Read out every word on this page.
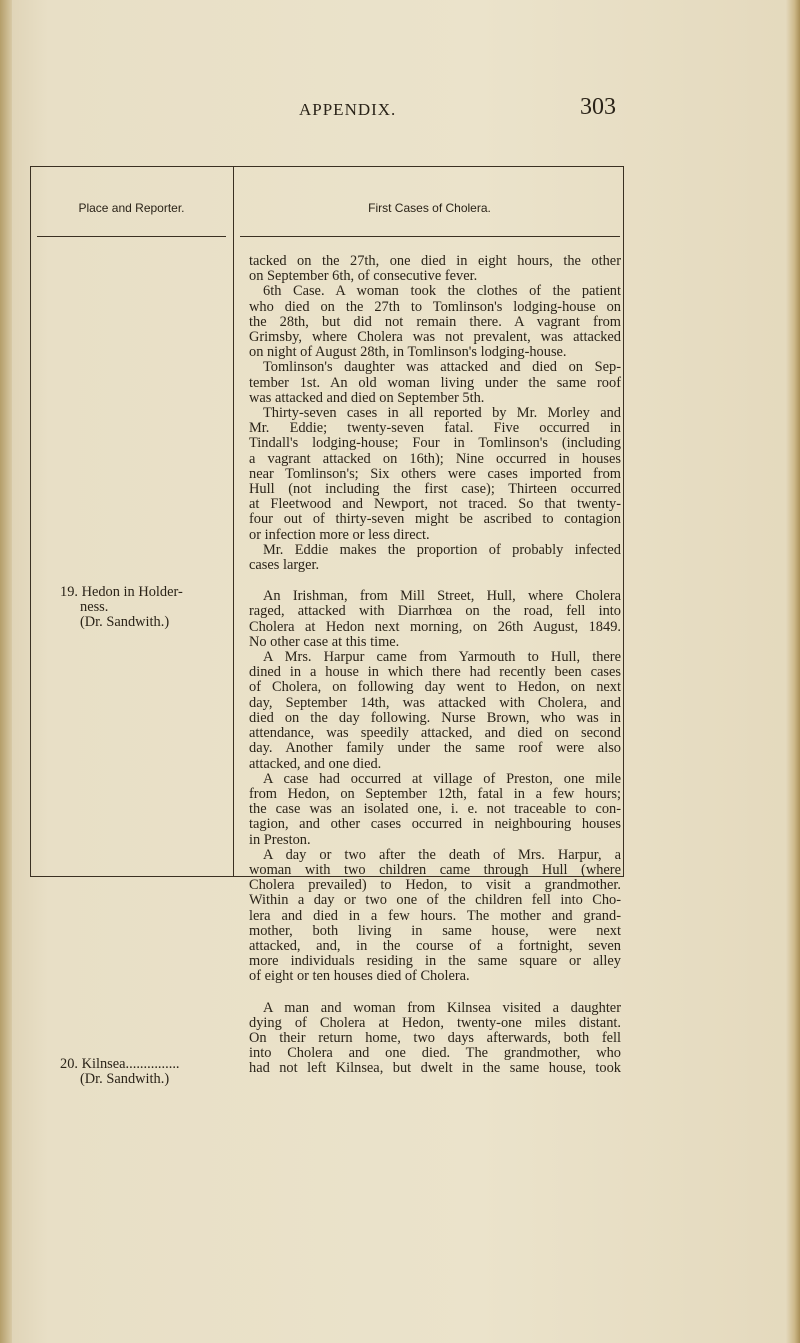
APPENDIX.	303
Place and Reporter.	First Cases of Cholera.
19. Hedon in Holder-
ness.
(Dr. Sandwith.)
20. Kilnsea...............
(Dr. Sandwith.)
tacked on the 27th, one died in eight hours, the other
on September 6th, of consecutive fever.
6th Case. A woman took the clothes of the patient
who died on the 27th to Tomlinson's lodging-house on
the 28th, but did not remain there. A vagrant from
Grimsby, where Cholera was not prevalent, was attacked
on night of August 28th, in Tomlinson's lodging-house.
Tomlinson's daughter was attacked and died on Sep-
tember 1st. An old woman living under the same roof
was attacked and died on September 5th.
Thirty-seven cases in all reported by Mr. Morley and
Mr. Eddie; twenty-seven fatal. Five occurred in
Tindall's lodging-house; Four in Tomlinson's (including
a vagrant attacked on 16th); Nine occurred in houses
near Tomlinson's; Six others were cases imported from
Hull (not including the first case); Thirteen occurred
at Fleetwood and Newport, not traced. So that twenty-
four out of thirty-seven might be ascribed to contagion
or infection more or less direct.
Mr. Eddie makes the proportion of probably infected
cases larger.
An Irishman, from Mill Street, Hull, where Cholera
raged, attacked with Diarrhœa on the road, fell into
Cholera at Hedon next morning, on 26th August, 1849.
No other case at this time.
A Mrs. Harpur came from Yarmouth to Hull, there
dined in a house in which there had recently been cases
of Cholera, on following day went to Hedon, on next
day, September 14th, was attacked with Cholera, and
died on the day following. Nurse Brown, who was in
attendance, was speedily attacked, and died on second
day. Another family under the same roof were also
attacked, and one died.
A case had occurred at village of Preston, one mile
from Hedon, on September 12th, fatal in a few hours;
the case was an isolated one, i. e. not traceable to con-
tagion, and other cases occurred in neighbouring houses
in Preston.
A day or two after the death of Mrs. Harpur, a
woman with two children came through Hull (where
Cholera prevailed) to Hedon, to visit a grandmother.
Within a day or two one of the children fell into Cho-
lera and died in a few hours. The mother and grand-
mother, both living in same house, were next
attacked, and, in the course of a fortnight, seven
more individuals residing in the same square or alley
of eight or ten houses died of Cholera.
A man and woman from Kilnsea visited a daughter
dying of Cholera at Hedon, twenty-one miles distant.
On their return home, two days afterwards, both fell
into Cholera and one died. The grandmother, who
had not left Kilnsea, but dwelt in the same house, took
